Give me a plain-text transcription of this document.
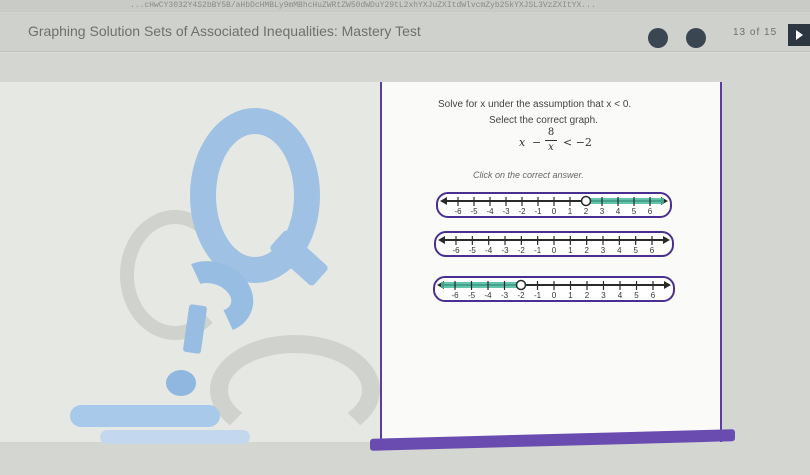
...cHwCY3032Y4S2bBY5B/aHbDcHMBLy9mMBhcHuZWRtZW50dWDuY29tL2xhYXJuZXItdWlvcmZyb25kYXJSL3VzZXItYX...
Graphing Solution Sets of Associated Inequalities: Mastery Test	13 of 15
Solve for x under the assumption that x < 0.
Select the correct graph.
x −
8
x < −2
Click on the correct answer.
-6 -5 -4 -3 -2 -1 0 1 2 3 4 5 6
-6 -5 -4 -3 -2 -1 0 1 2 3 4 5 6
-6 -5 -4 -3 -2 -1 0 1 2 3 4 5 6
